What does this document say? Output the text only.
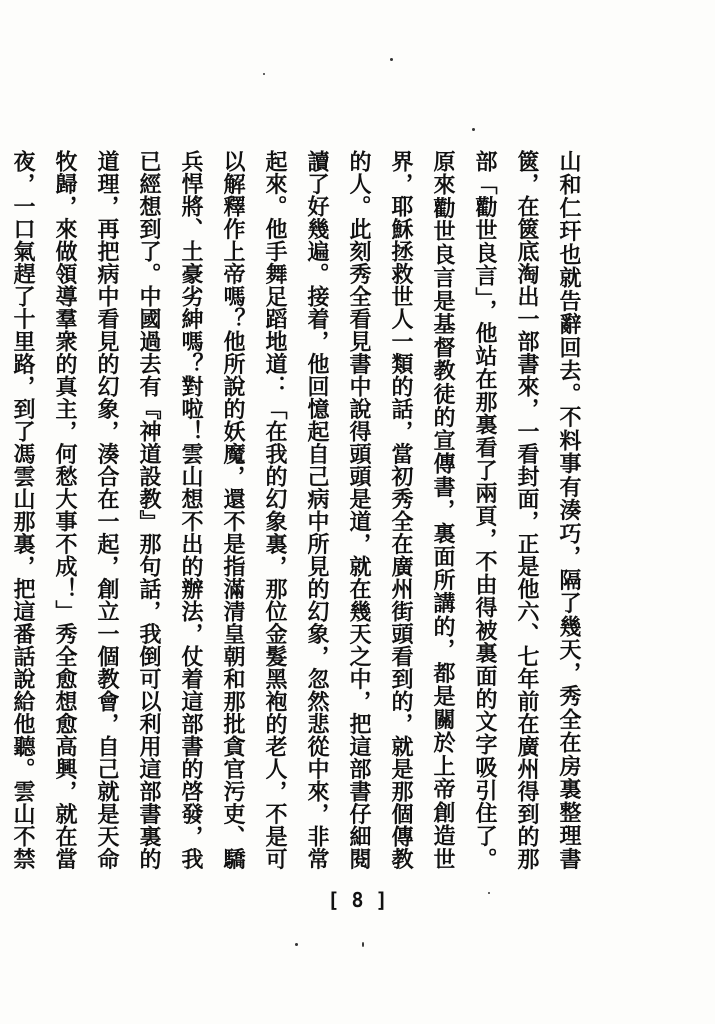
山和仁玕也就告辭回去。不料事有湊巧，隔了幾天，秀全在房裏整理書篋，在篋底淘出一部書來，一看封面，正是他六、七年前在廣州得到的那部「勸世良言」，他站在那裏看了兩頁，不由得被裏面的文字吸引住了。原來勸世良言是基督教徒的宣傳書，裏面所講的，都是關於上帝創造世界，耶穌拯救世人一類的話，當初秀全在廣州街頭看到的，就是那個傳教的人。此刻秀全看見書中說得頭頭是道，就在幾天之中，把這部書仔細閱讀了好幾遍。接着，他回憶起自己病中所見的幻象，忽然悲從中來，非常起來。他手舞足蹈地道：「在我的幻象裏，那位金髮黑袍的老人，不是可以解釋作上帝嗎？他所說的妖魔，還不是指滿清皇朝和那批貪官污吏、驕兵悍將、土豪劣紳嗎？對啦！雲山想不出的辦法，仗着這部書的啓發，我已經想到了。中國過去有『神道設教』那句話，我倒可以利用這部書裏的道理，再把病中看見的幻象，湊合在一起，創立一個教會，自己就是天命牧歸，來做領導羣衆的真主，何愁大事不成！」秀全愈想愈高興，就在當夜，一口氣趕了十里路，到了馮雲山那裏，把這番話說給他聽。雲山不禁

[ 8 ]
